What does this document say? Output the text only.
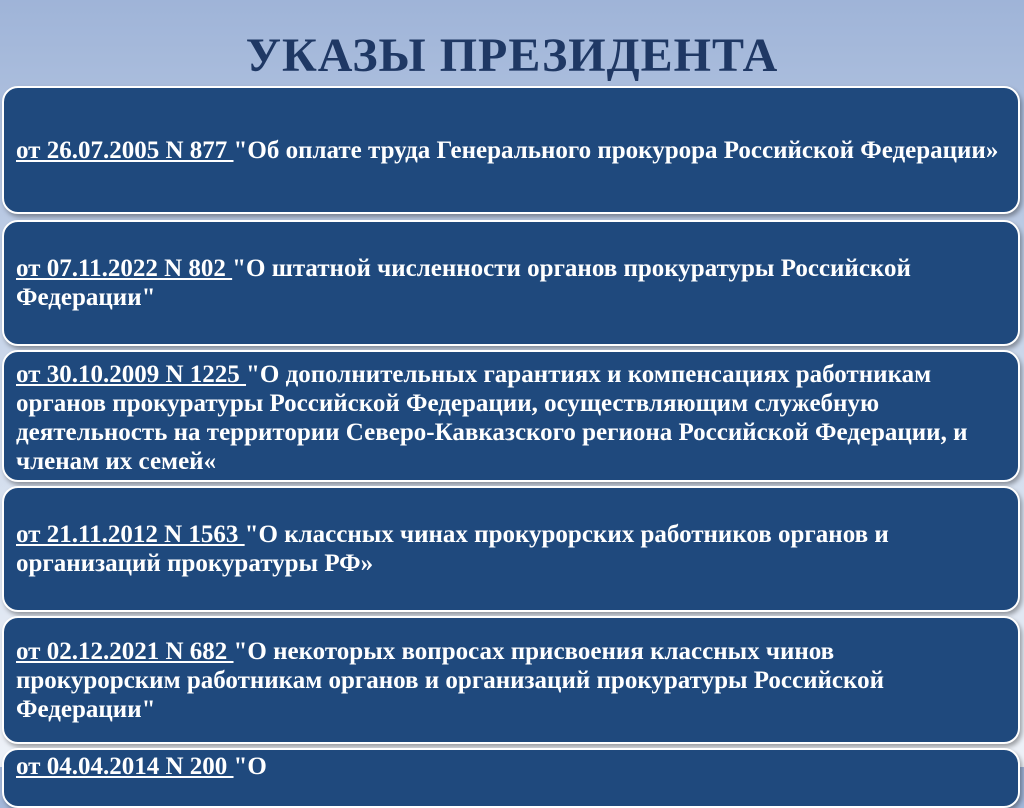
УКАЗЫ ПРЕЗИДЕНТА
от 26.07.2005 N 877 "Об оплате труда Генерального прокурора Российской Федерации»
от 07.11.2022 N 802 "О штатной численности органов прокуратуры Российской Федерации"
от 30.10.2009 N 1225 "О дополнительных гарантиях и компенсациях работникам органов прокуратуры Российской Федерации, осуществляющим служебную деятельность на территории Северо-Кавказского региона Российской Федерации, и членам их семей«
от 21.11.2012 N 1563 "О классных чинах прокурорских работников органов и организаций прокуратуры РФ»
от 02.12.2021 N 682 "О некоторых вопросах присвоения классных чинов прокурорским работникам органов и организаций прокуратуры Российской Федерации"
от 04.04.2014 N 200 "О
